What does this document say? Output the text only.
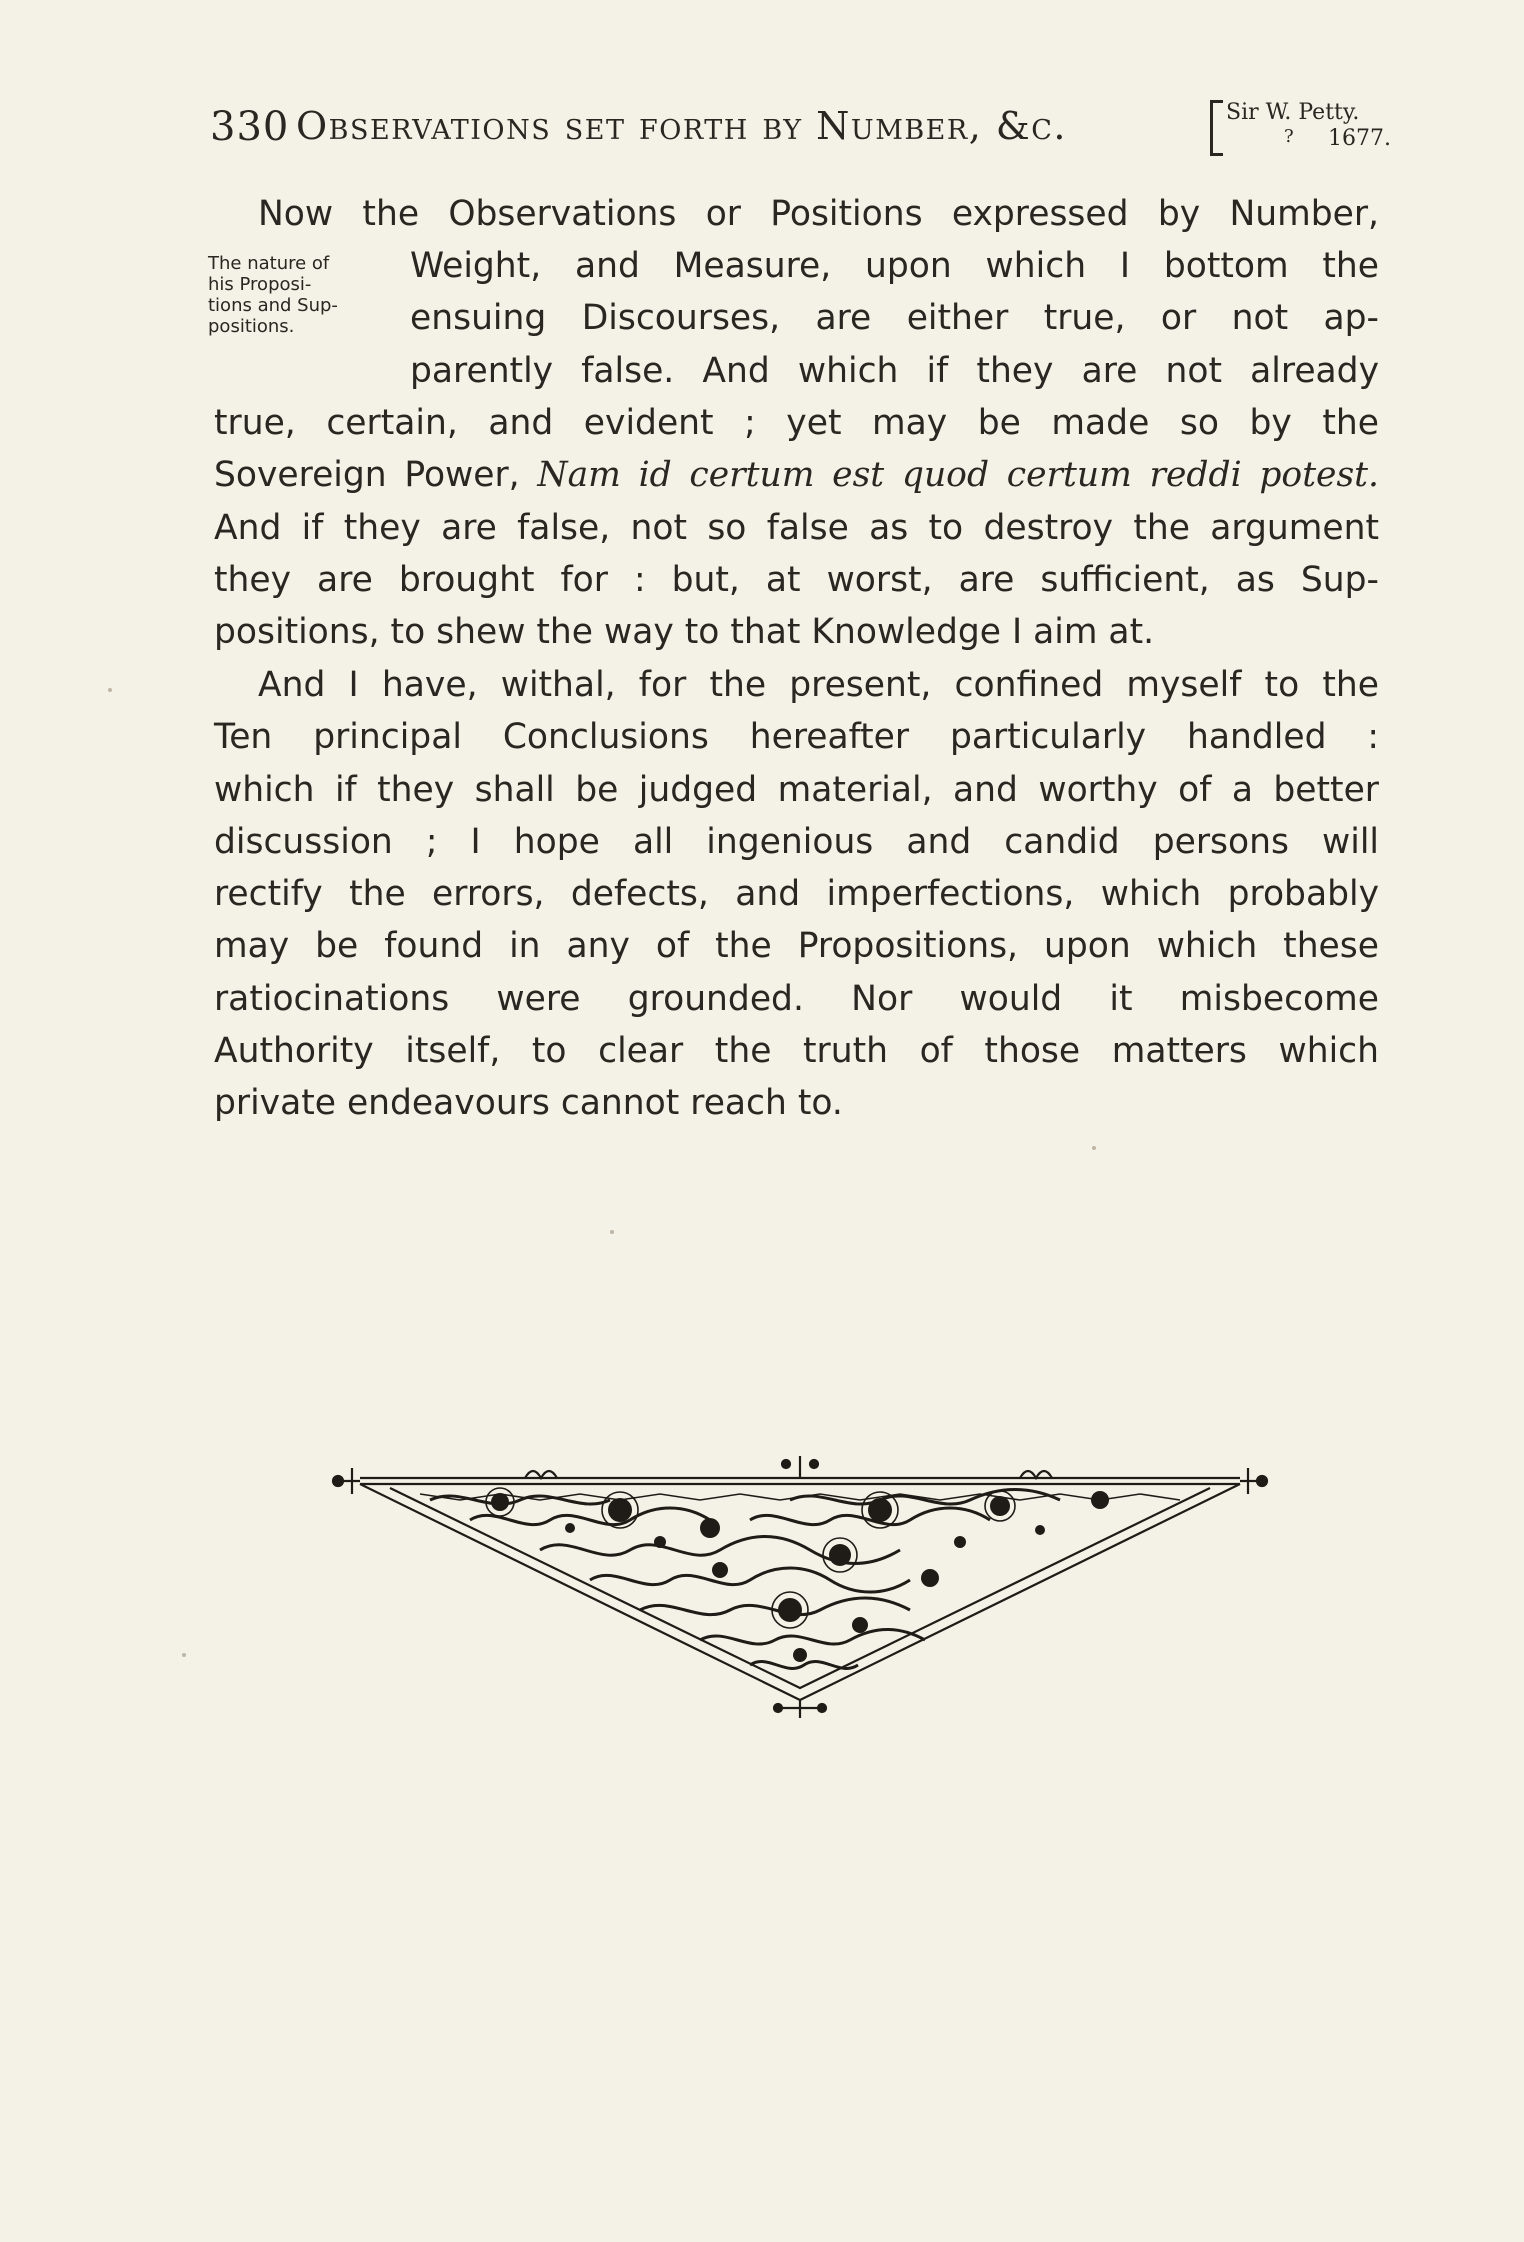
330 Observations set forth by Number, &c.	Sir W. Petty.
? 1677.
The nature of
his Proposi-
tions and Sup-
positions.
Now the Observations or Positions expressed by Number,
Weight, and Measure, upon which I bottom the
ensuing Discourses, are either true, or not ap-
parently false. And which if they are not already
true, certain, and evident ; yet may be made so by the
Sovereign Power, Nam id certum est quod certum reddi potest.
And if they are false, not so false as to destroy the argument
they are brought for : but, at worst, are sufficient, as Sup-
positions, to shew the way to that Knowledge I aim at.
And I have, withal, for the present, confined myself to the
Ten principal Conclusions hereafter particularly handled :
which if they shall be judged material, and worthy of a better
discussion ; I hope all ingenious and candid persons will
rectify the errors, defects, and imperfections, which probably
may be found in any of the Propositions, upon which these
ratiocinations were grounded. Nor would it misbecome
Authority itself, to clear the truth of those matters which
private endeavours cannot reach to.
